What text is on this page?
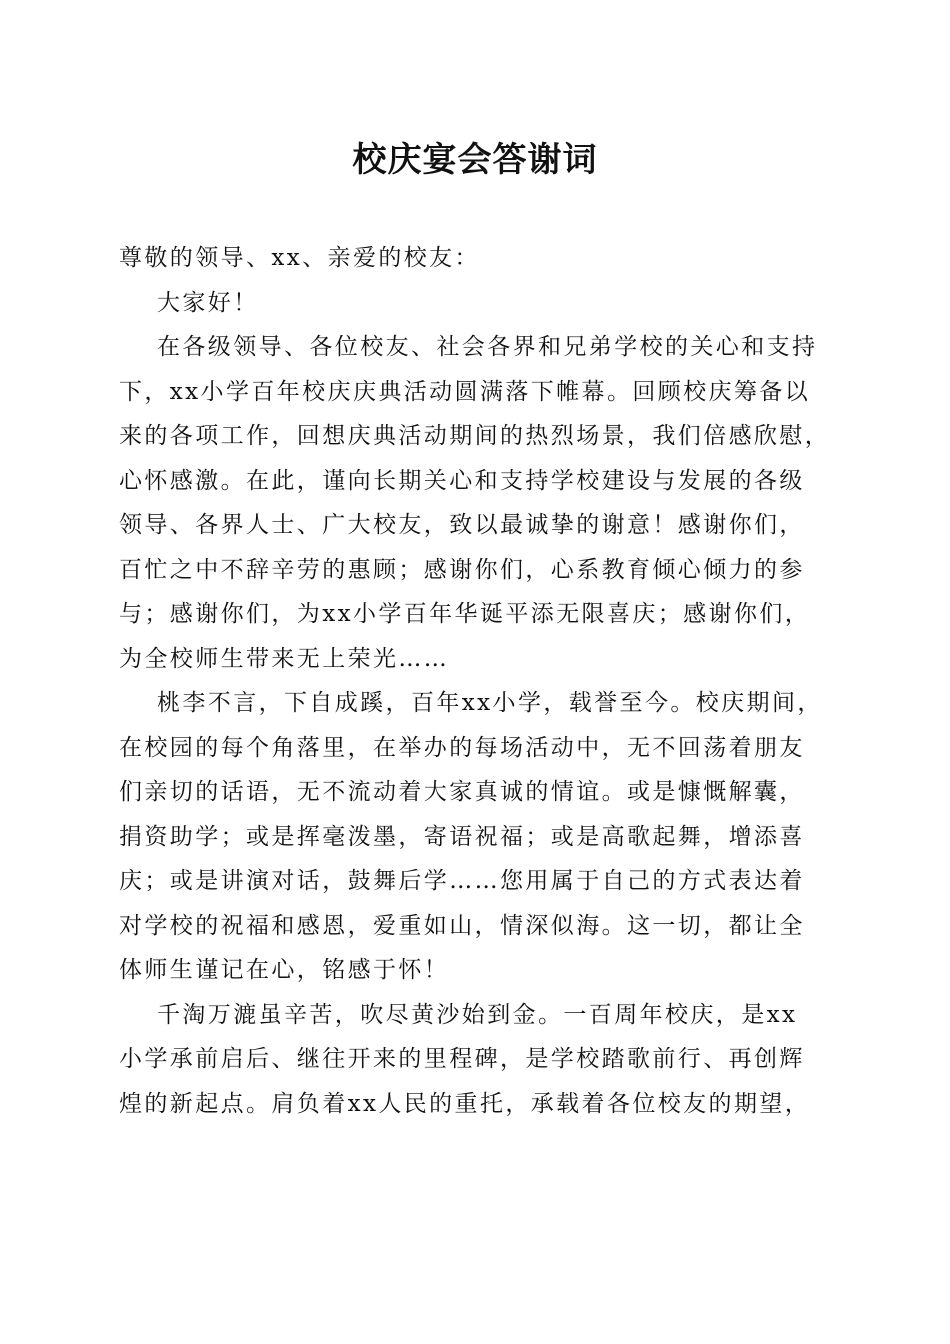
校庆宴会答谢词
尊敬的领导、xx、亲爱的校友：
大家好！
在各级领导、各位校友、社会各界和兄弟学校的关心和支持
下，xx小学百年校庆庆典活动圆满落下帷幕。回顾校庆筹备以
来的各项工作，回想庆典活动期间的热烈场景，我们倍感欣慰，
心怀感激。在此，谨向长期关心和支持学校建设与发展的各级
领导、各界人士、广大校友，致以最诚挚的谢意！感谢你们，
百忙之中不辞辛劳的惠顾；感谢你们，心系教育倾心倾力的参
与；感谢你们，为xx小学百年华诞平添无限喜庆；感谢你们，
为全校师生带来无上荣光……
桃李不言，下自成蹊，百年xx小学，载誉至今。校庆期间，
在校园的每个角落里，在举办的每场活动中，无不回荡着朋友
们亲切的话语，无不流动着大家真诚的情谊。或是慷慨解囊，
捐资助学；或是挥毫泼墨，寄语祝福；或是高歌起舞，增添喜
庆；或是讲演对话，鼓舞后学……您用属于自己的方式表达着
对学校的祝福和感恩，爱重如山，情深似海。这一切，都让全
体师生谨记在心，铭感于怀！
千淘万漉虽辛苦，吹尽黄沙始到金。一百周年校庆，是xx
小学承前启后、继往开来的里程碑，是学校踏歌前行、再创辉
煌的新起点。肩负着xx人民的重托，承载着各位校友的期望，
